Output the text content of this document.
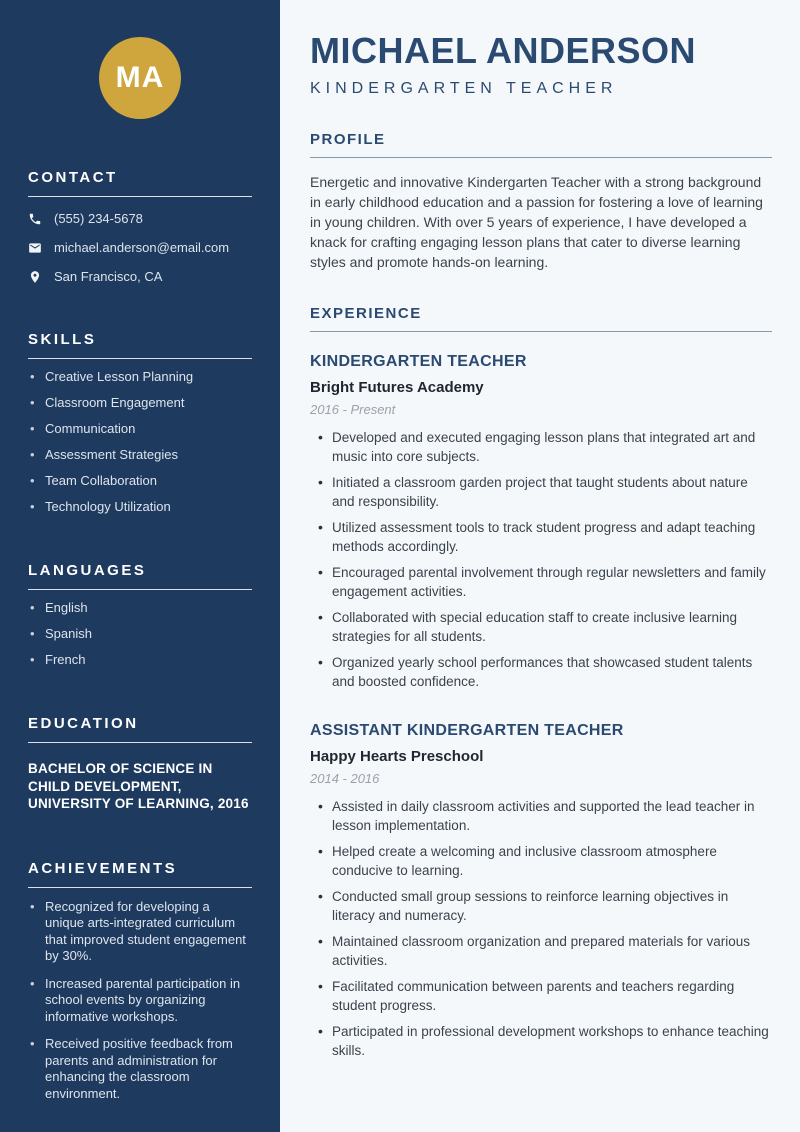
MA
CONTACT
(555) 234-5678
michael.anderson@email.com
San Francisco, CA
SKILLS
• Creative Lesson Planning
• Classroom Engagement
• Communication
• Assessment Strategies
• Team Collaboration
• Technology Utilization
LANGUAGES
• English
• Spanish
• French
EDUCATION

BACHELOR OF SCIENCE IN CHILD DEVELOPMENT, UNIVERSITY OF LEARNING, 2016

ACHIEVEMENTS
• Recognized for developing a unique arts-integrated curriculum that improved student engagement by 30%.
• Increased parental participation in school events by organizing informative workshops.
• Received positive feedback from parents and administration for enhancing the classroom environment.
MICHAEL ANDERSON
KINDERGARTEN TEACHER
PROFILE

Energetic and innovative Kindergarten Teacher with a strong background in early childhood education and a passion for fostering a love of learning in young children. With over 5 years of experience, I have developed a knack for crafting engaging lesson plans that cater to diverse learning styles and promote hands-on learning.

EXPERIENCE
KINDERGARTEN TEACHER
Bright Futures Academy
2016 - Present
• Developed and executed engaging lesson plans that integrated art and music into core subjects.
• Initiated a classroom garden project that taught students about nature and responsibility.
• Utilized assessment tools to track student progress and adapt teaching methods accordingly.
• Encouraged parental involvement through regular newsletters and family engagement activities.
• Collaborated with special education staff to create inclusive learning strategies for all students.
• Organized yearly school performances that showcased student talents and boosted confidence.
ASSISTANT KINDERGARTEN TEACHER
Happy Hearts Preschool
2014 - 2016
• Assisted in daily classroom activities and supported the lead teacher in lesson implementation.
• Helped create a welcoming and inclusive classroom atmosphere conducive to learning.
• Conducted small group sessions to reinforce learning objectives in literacy and numeracy.
• Maintained classroom organization and prepared materials for various activities.
• Facilitated communication between parents and teachers regarding student progress.
• Participated in professional development workshops to enhance teaching skills.
